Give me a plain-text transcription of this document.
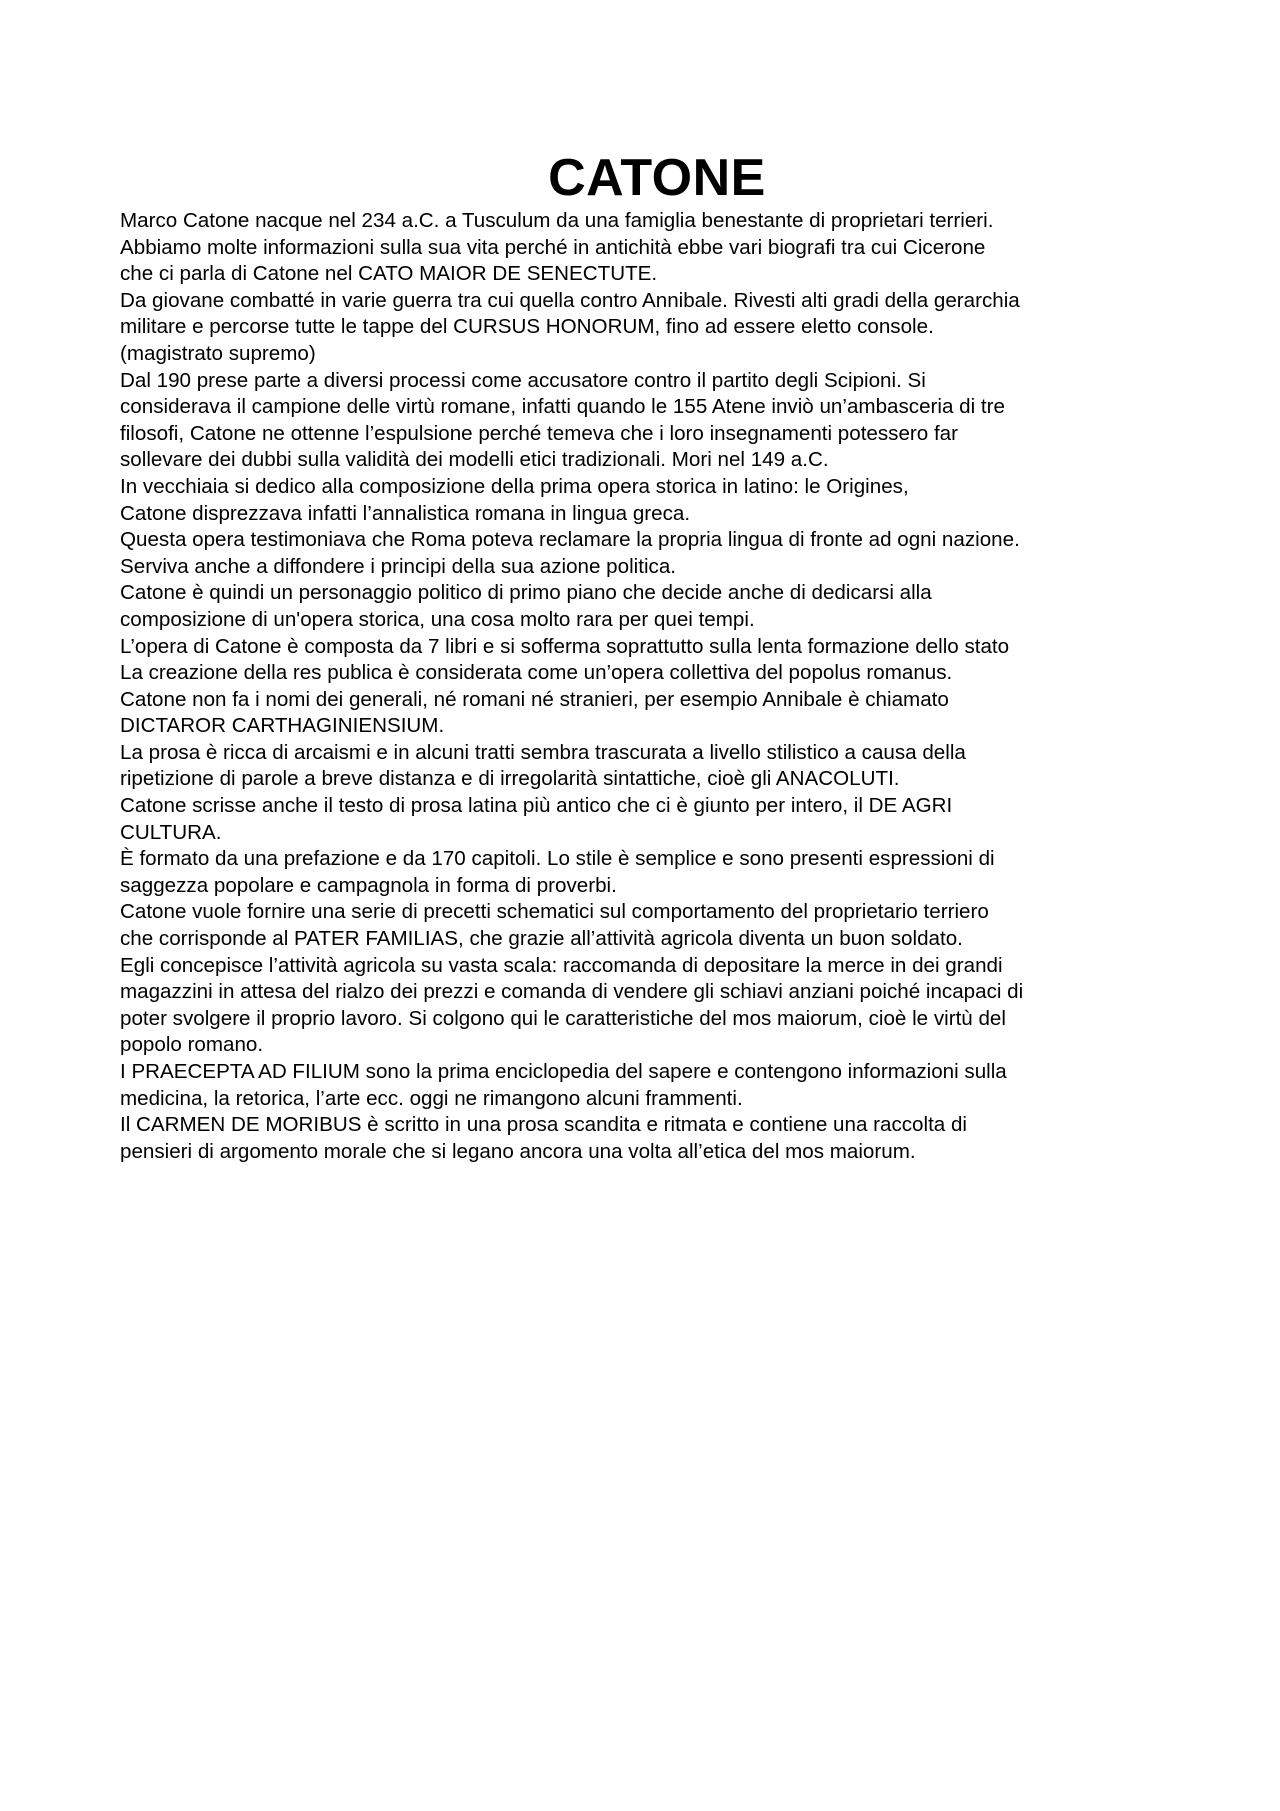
CATONE

Marco Catone nacque nel 234 a.C. a Tusculum da una famiglia benestante di proprietari terrieri.
Abbiamo molte informazioni sulla sua vita perché in antichità ebbe vari biografi tra cui Cicerone
che ci parla di Catone nel CATO MAIOR DE SENECTUTE.

Da giovane combatté in varie guerra tra cui quella contro Annibale. Rivesti alti gradi della gerarchia
militare e percorse tutte le tappe del CURSUS HONORUM, fino ad essere eletto console.
(magistrato supremo)

Dal 190 prese parte a diversi processi come accusatore contro il partito degli Scipioni. Si
considerava il campione delle virtù romane, infatti quando le 155 Atene inviò un’ambasceria di tre
filosofi, Catone ne ottenne l’espulsione perché temeva che i loro insegnamenti potessero far
sollevare dei dubbi sulla validità dei modelli etici tradizionali. Mori nel 149 a.C.

In vecchiaia si dedico alla composizione della prima opera storica in latino: le Origines,
Catone disprezzava infatti l’annalistica romana in lingua greca.

Questa opera testimoniava che Roma poteva reclamare la propria lingua di fronte ad ogni nazione.
Serviva anche a diffondere i principi della sua azione politica.

Catone è quindi un personaggio politico di primo piano che decide anche di dedicarsi alla
composizione di un'opera storica, una cosa molto rara per quei tempi.

L’opera di Catone è composta da 7 libri e si sofferma soprattutto sulla lenta formazione dello stato
La creazione della res publica è considerata come un’opera collettiva del popolus romanus.
Catone non fa i nomi dei generali, né romani né stranieri, per esempio Annibale è chiamato
DICTAROR CARTHAGINIENSIUM.

La prosa è ricca di arcaismi e in alcuni tratti sembra trascurata a livello stilistico a causa della
ripetizione di parole a breve distanza e di irregolarità sintattiche, cioè gli ANACOLUTI.

Catone scrisse anche il testo di prosa latina più antico che ci è giunto per intero, il DE AGRI
CULTURA.

È formato da una prefazione e da 170 capitoli. Lo stile è semplice e sono presenti espressioni di
saggezza popolare e campagnola in forma di proverbi.

Catone vuole fornire una serie di precetti schematici sul comportamento del proprietario terriero
che corrisponde al PATER FAMILIAS, che grazie all’attività agricola diventa un buon soldato.

Egli concepisce l’attività agricola su vasta scala: raccomanda di depositare la merce in dei grandi
magazzini in attesa del rialzo dei prezzi e comanda di vendere gli schiavi anziani poiché incapaci di
poter svolgere il proprio lavoro. Si colgono qui le caratteristiche del mos maiorum, cioè le virtù del
popolo romano.

I PRAECEPTA AD FILIUM sono la prima enciclopedia del sapere e contengono informazioni sulla
medicina, la retorica, l’arte ecc. oggi ne rimangono alcuni frammenti.

Il CARMEN DE MORIBUS è scritto in una prosa scandita e ritmata e contiene una raccolta di
pensieri di argomento morale che si legano ancora una volta all’etica del mos maiorum.
